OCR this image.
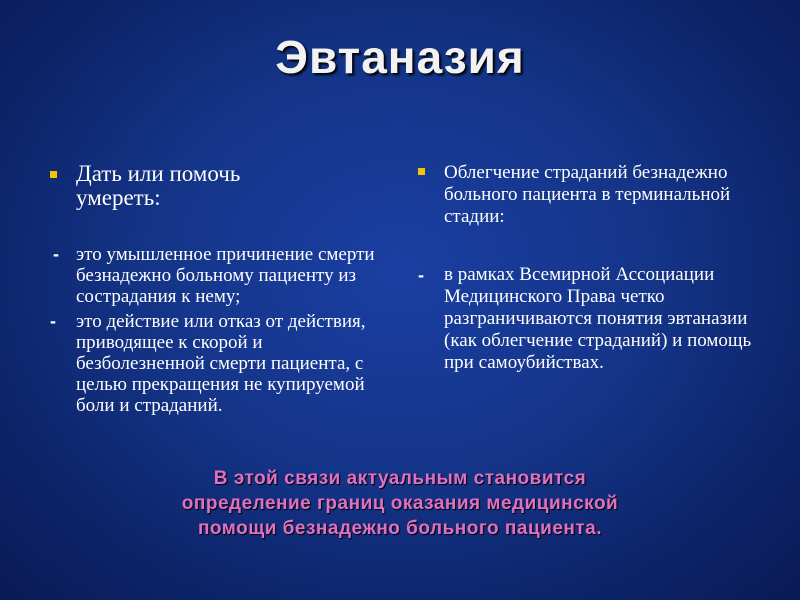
Эвтаназия
Дать или помочь
умереть:
- это умышленное причинение смерти безнадежно больному пациенту из сострадания к нему;
- это действие или отказ от действия, приводящее к скорой и безболезненной смерти пациента, с целью прекращения не купируемой боли и страданий.
Облегчение страданий безнадежно больного пациента в терминальной стадии:
- в рамках Всемирной Ассоциации Медицинского Права четко разграничиваются понятия эвтаназии (как облегчение страданий) и помощь при самоубийствах.
В этой связи актуальным становится
определение границ оказания медицинской
помощи безнадежно больного пациента.
